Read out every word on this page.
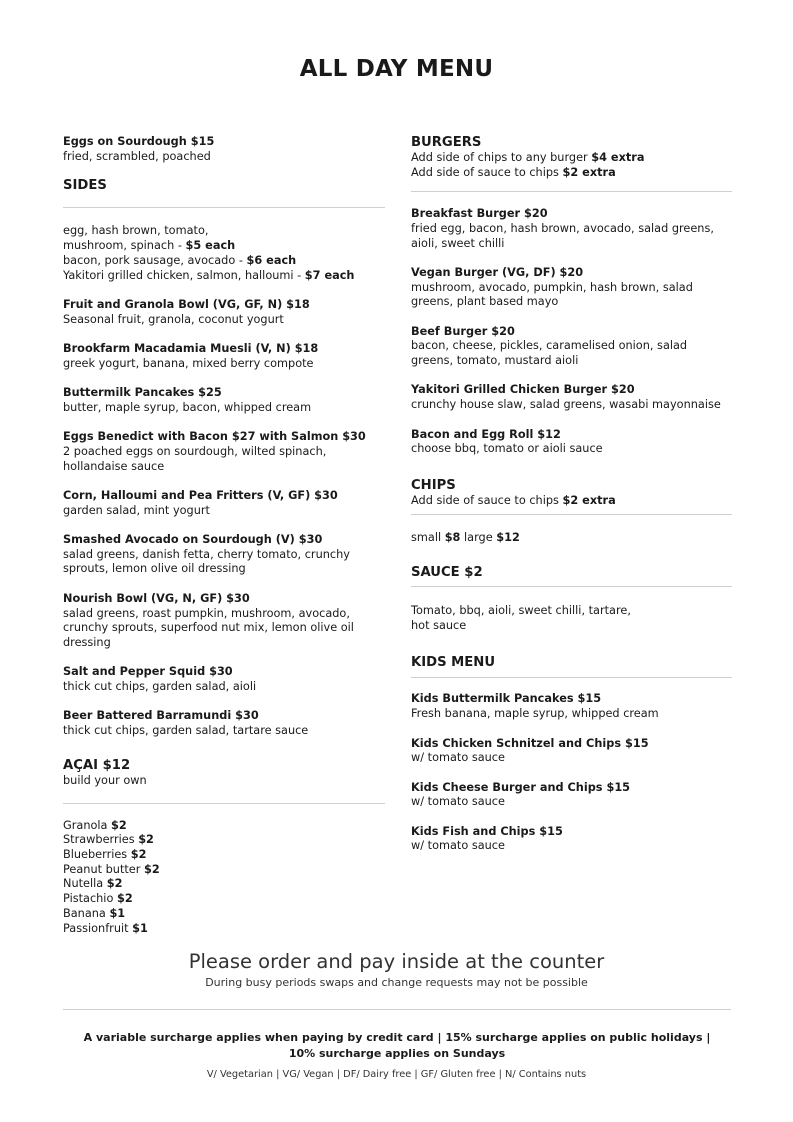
ALL DAY MENU
Eggs on Sourdough $15
fried, scrambled, poached
SIDES
egg, hash brown, tomato,
mushroom, spinach - $5 each
bacon, pork sausage, avocado - $6 each
Yakitori grilled chicken, salmon, halloumi - $7 each
Fruit and Granola Bowl (VG, GF, N) $18
Seasonal fruit, granola, coconut yogurt
Brookfarm Macadamia Muesli (V, N) $18
greek yogurt, banana, mixed berry compote
Buttermilk Pancakes $25
butter, maple syrup, bacon, whipped cream
Eggs Benedict with Bacon $27 with Salmon $30
2 poached eggs on sourdough, wilted spinach,
hollandaise sauce
Corn, Halloumi and Pea Fritters (V, GF) $30
garden salad, mint yogurt
Smashed Avocado on Sourdough (V) $30
salad greens, danish fetta, cherry tomato, crunchy
sprouts, lemon olive oil dressing
Nourish Bowl (VG, N, GF) $30
salad greens, roast pumpkin, mushroom, avocado,
crunchy sprouts, superfood nut mix, lemon olive oil
dressing
Salt and Pepper Squid $30
thick cut chips, garden salad, aioli
Beer Battered Barramundi $30
thick cut chips, garden salad, tartare sauce
AÇAI $12
build your own
Granola $2
Strawberries $2
Blueberries $2
Peanut butter $2
Nutella $2
Pistachio $2
Banana $1
Passionfruit $1
BURGERS
Add side of chips to any burger $4 extra
Add side of sauce to chips $2 extra
Breakfast Burger $20
fried egg, bacon, hash brown, avocado, salad greens,
aioli, sweet chilli
Vegan Burger (VG, DF) $20
mushroom, avocado, pumpkin, hash brown, salad
greens, plant based mayo
Beef Burger $20
bacon, cheese, pickles, caramelised onion, salad
greens, tomato, mustard aioli
Yakitori Grilled Chicken Burger $20
crunchy house slaw, salad greens, wasabi mayonnaise
Bacon and Egg Roll $12
choose bbq, tomato or aioli sauce
CHIPS
Add side of sauce to chips $2 extra
small $8 large $12
SAUCE $2
Tomato, bbq, aioli, sweet chilli, tartare,
hot sauce
KIDS MENU
Kids Buttermilk Pancakes $15
Fresh banana, maple syrup, whipped cream
Kids Chicken Schnitzel and Chips $15
w/ tomato sauce
Kids Cheese Burger and Chips $15
w/ tomato sauce
Kids Fish and Chips $15
w/ tomato sauce
Please order and pay inside at the counter
During busy periods swaps and change requests may not be possible
A variable surcharge applies when paying by credit card | 15% surcharge applies on public holidays |
10% surcharge applies on Sundays
V/ Vegetarian | VG/ Vegan | DF/ Dairy free | GF/ Gluten free | N/ Contains nuts
